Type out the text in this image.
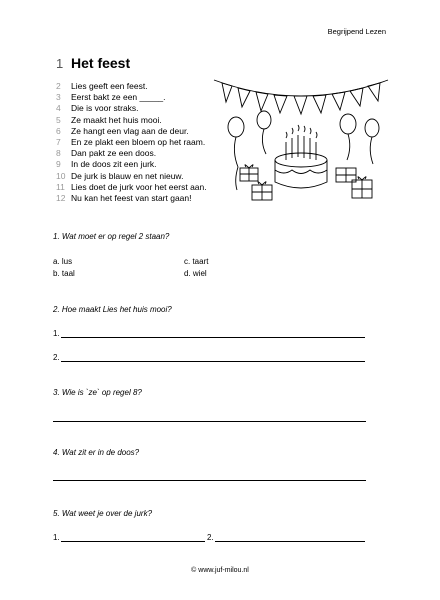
Begrijpend Lezen
1 Het feest
2	Lies geeft een feest.
3	Eerst bakt ze een _____.
4	Die is voor straks.
5	Ze maakt het huis mooi.
6	Ze hangt een vlag aan de deur.
7	En ze plakt een bloem op het raam.
8	Dan pakt ze een doos.
9	In de doos zit een jurk.
10 De jurk is blauw en net nieuw.
11 Lies doet de jurk voor het eerst aan.
12 Nu kan het feest van start gaan!
1. Wat moet er op regel 2 staan?
a. lus	c. taart
b. taal	d. wiel
2. Hoe maakt Lies het huis mooi?
1.
2.
3. Wie is `ze` op regel 8?
4. Wat zit er in de doos?
5. Wat weet je over de jurk?
1.	2.
© www.juf-milou.nl
